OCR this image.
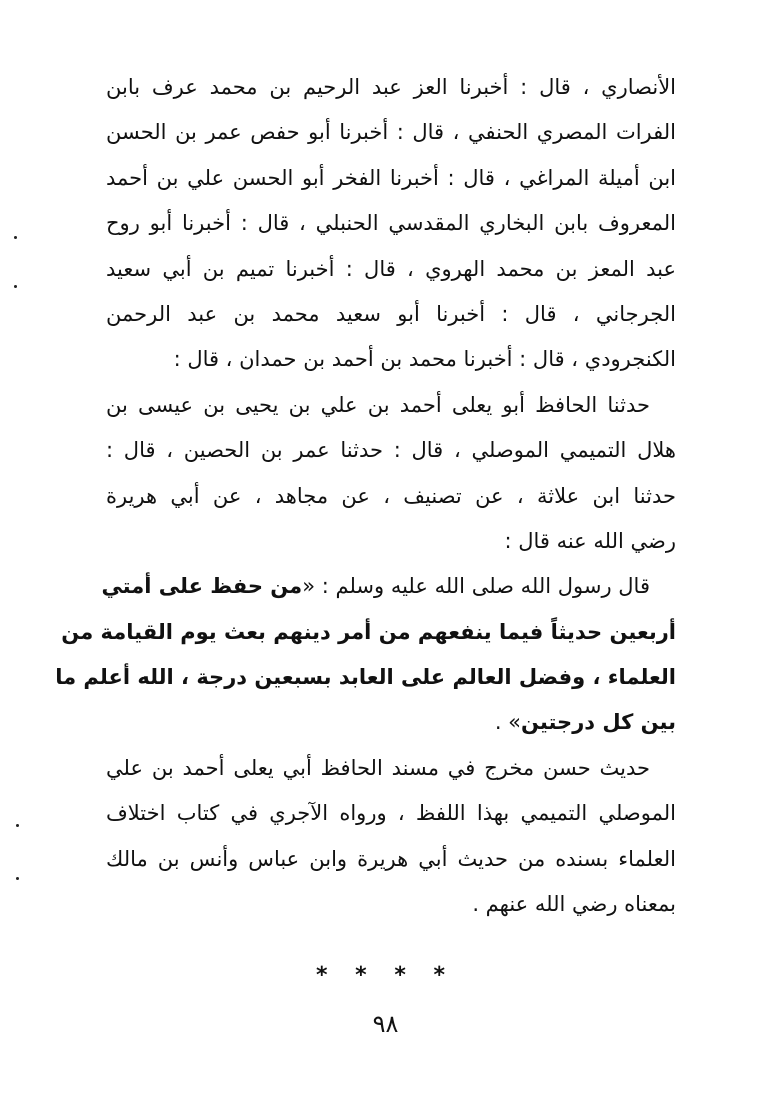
الأنصاري ، قال : أخبرنا العز عبد الرحيم بن محمد عرف بابن
الفرات المصري الحنفي ، قال : أخبرنا أبو حفص عمر بن الحسن
ابن أميلة المراغي ، قال : أخبرنا الفخر أبو الحسن علي بن أحمد
المعروف بابن البخاري المقدسي الحنبلي ، قال : أخبرنا أبو روح
عبد المعز بن محمد الهروي ، قال : أخبرنا تميم بن أبي سعيد
الجرجاني ، قال : أخبرنا أبو سعيد محمد بن عبد الرحمن
الكنجرودي ، قال : أخبرنا محمد بن أحمد بن حمدان ، قال :
حدثنا الحافظ أبو يعلى أحمد بن علي بن يحيى بن عيسى بن
هلال التميمي الموصلي ، قال : حدثنا عمر بن الحصين ، قال :
حدثنا ابن علاثة ، عن تصنيف ، عن مجاهد ، عن أبي هريرة
رضي الله عنه قال :
قال رسول الله صلى الله عليه وسلم : «من حفظ على أمتي
أربعين حديثاً فيما ينفعهم من أمر دينهم بعث يوم القيامة من
العلماء ، وفضل العالم على العابد بسبعين درجة ، الله أعلم ما
بين كل درجتين» .
حديث حسن مخرج في مسند الحافظ أبي يعلى أحمد بن علي
الموصلي التميمي بهذا اللفظ ، ورواه الآجري في كتاب اختلاف
العلماء بسنده من حديث أبي هريرة وابن عباس وأنس بن مالك
بمعناه رضي الله عنهم .
* * * *
٩٨
